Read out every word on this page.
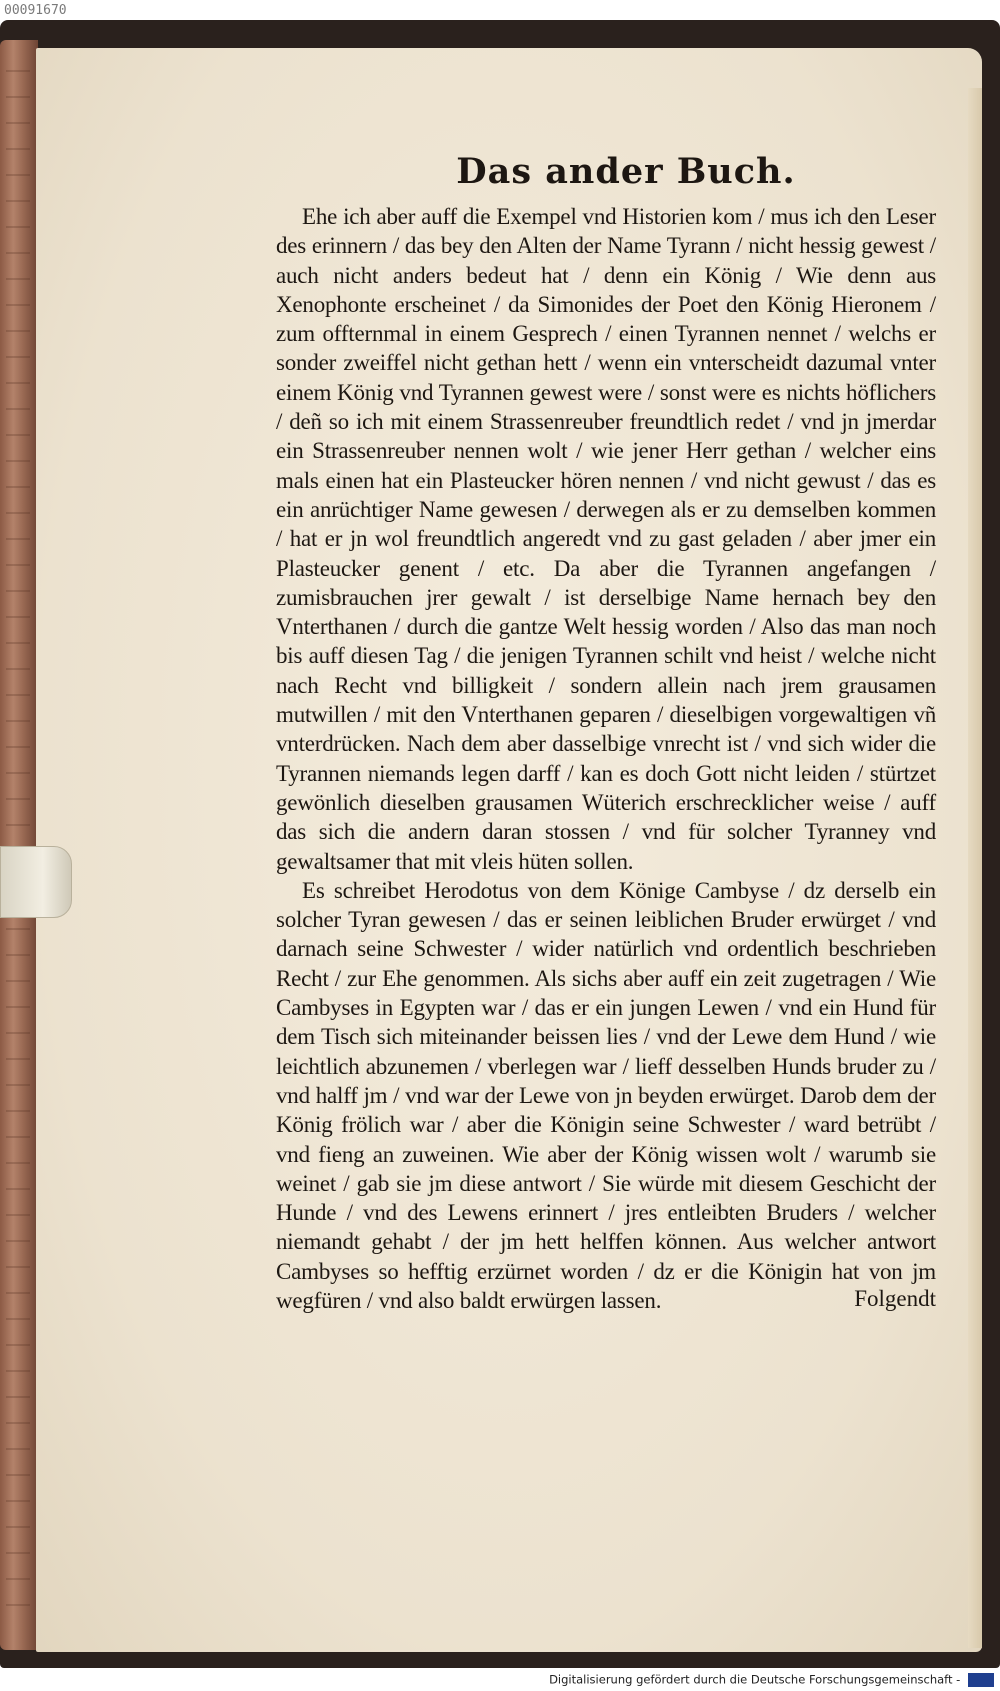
00091670
Das ander Buch.

Ehe ich aber auff die Exempel vnd Historien kom / mus ich den Leser des erinnern / das bey den Alten der Name Tyrann / nicht hessig gewest / auch nicht anders bedeut hat / denn ein König / Wie denn aus Xenophonte erscheinet / da Simonides der Poet den König Hieronem / zum offternmal in einem Gesprech / einen Tyrannen nennet / welchs er sonder zweiffel nicht gethan hett / wenn ein vnterscheidt dazumal vnter einem König vnd Tyrannen gewest were / sonst were es nichts höflichers / deñ so ich mit einem Strassenreuber freundtlich redet / vnd jn jmerdar ein Strassenreuber nennen wolt / wie jener Herr gethan / welcher eins mals einen hat ein Plasteucker hören nennen / vnd nicht gewust / das es ein anrüchtiger Name gewesen / derwegen als er zu demselben kommen / hat er jn wol freundtlich angeredt vnd zu gast geladen / aber jmer ein Plasteucker genent / etc. Da aber die Tyrannen angefangen / zumisbrauchen jrer gewalt / ist derselbige Name hernach bey den Vnterthanen / durch die gantze Welt hessig worden / Also das man noch bis auff diesen Tag / die jenigen Tyrannen schilt vnd heist / welche nicht nach Recht vnd billigkeit / sondern allein nach jrem grausamen mutwillen / mit den Vnterthanen geparen / dieselbigen vorgewaltigen vñ vnterdrücken. Nach dem aber dasselbige vnrecht ist / vnd sich wider die Tyrannen niemands legen darff / kan es doch Gott nicht leiden / stürtzet gewönlich dieselben grausamen Wüterich erschrecklicher weise / auff das sich die andern daran stossen / vnd für solcher Tyranney vnd gewaltsamer that mit vleis hüten sollen.

Es schreibet Herodotus von dem Könige Cambyse / dz derselb ein solcher Tyran gewesen / das er seinen leiblichen Bruder erwürget / vnd darnach seine Schwester / wider natürlich vnd ordentlich beschrieben Recht / zur Ehe genommen. Als sichs aber auff ein zeit zugetragen / Wie Cambyses in Egypten war / das er ein jungen Lewen / vnd ein Hund für dem Tisch sich miteinander beissen lies / vnd der Lewe dem Hund / wie leichtlich abzunemen / vberlegen war / lieff desselben Hunds bruder zu / vnd halff jm / vnd war der Lewe von jn beyden erwürget. Darob dem der König frölich war / aber die Königin seine Schwester / ward betrübt / vnd fieng an zuweinen. Wie aber der König wissen wolt / warumb sie weinet / gab sie jm diese antwort / Sie würde mit diesem Geschicht der Hunde / vnd des Lewens erinnert / jres entleibten Bruders / welcher niemandt gehabt / der jm hett helffen können. Aus welcher antwort Cambyses so hefftig erzürnet worden / dz er die Königin hat von jm wegfüren / vnd also baldt erwürgen lassen.	Folgendt
Digitalisierung gefördert durch die Deutsche Forschungsgemeinschaft -
